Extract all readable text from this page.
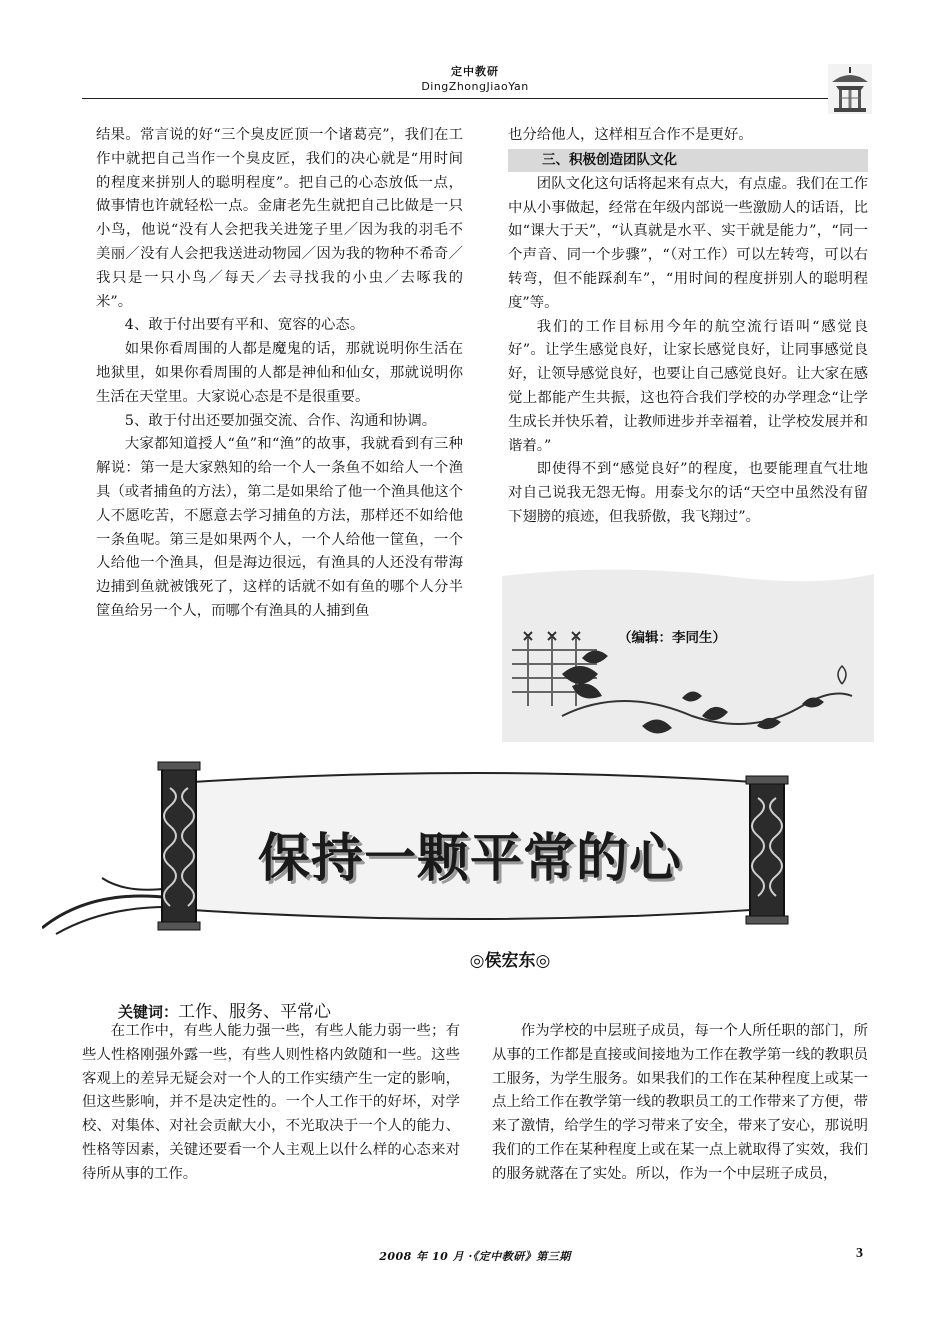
定中教研
DingZhongJiaoYan

结果。常言说的好“三个臭皮匠顶一个诸葛亮”，我们在工作中就把自己当作一个臭皮匠，我们的决心就是“用时间的程度来拼别人的聪明程度”。把自己的心态放低一点，做事情也许就轻松一点。金庸老先生就把自己比做是一只小鸟，他说“没有人会把我关进笼子里／因为我的羽毛不美丽／没有人会把我送进动物园／因为我的物种不希奇／我只是一只小鸟／每天／去寻找我的小虫／去啄我的米”。

4、敢于付出要有平和、宽容的心态。

如果你看周围的人都是魔鬼的话，那就说明你生活在地狱里，如果你看周围的人都是神仙和仙女，那就说明你生活在天堂里。大家说心态是不是很重要。

5、敢于付出还要加强交流、合作、沟通和协调。

大家都知道授人“鱼”和“渔”的故事，我就看到有三种解说：第一是大家熟知的给一个人一条鱼不如给人一个渔具（或者捕鱼的方法），第二是如果给了他一个渔具他这个人不愿吃苦，不愿意去学习捕鱼的方法，那样还不如给他一条鱼呢。第三是如果两个人，一个人给他一筐鱼，一个人给他一个渔具，但是海边很远，有渔具的人还没有带海边捕到鱼就被饿死了，这样的话就不如有鱼的哪个人分半筐鱼给另一个人，而哪个有渔具的人捕到鱼

也分给他人，这样相互合作不是更好。

三、积极创造团队文化

团队文化这句话将起来有点大，有点虚。我们在工作中从小事做起，经常在年级内部说一些激励人的话语，比如“课大于天”，“认真就是水平、实干就是能力”，“同一个声音、同一个步骤”，“（对工作）可以左转弯，可以右转弯，但不能踩刹车”，“用时间的程度拼别人的聪明程度”等。

我们的工作目标用今年的航空流行语叫“感觉良好”。让学生感觉良好，让家长感觉良好，让同事感觉良好，让领导感觉良好，也要让自己感觉良好。让大家在感觉上都能产生共振，这也符合我们学校的办学理念“让学生成长并快乐着，让教师进步并幸福着，让学校发展并和谐着。”

即使得不到“感觉良好”的程度，也要能理直气壮地对自己说我无怨无悔。用泰戈尔的话“天空中虽然没有留下翅膀的痕迹，但我骄傲，我飞翔过”。

（编辑：李同生）
保持一颗平常的心
◎侯宏东◎
关键词：工作、服务、平常心

在工作中，有些人能力强一些，有些人能力弱一些；有些人性格刚强外露一些，有些人则性格内敛随和一些。这些客观上的差异无疑会对一个人的工作实绩产生一定的影响，但这些影响，并不是决定性的。一个人工作干的好坏，对学校、对集体、对社会贡献大小，不光取决于一个人的能力、性格等因素，关键还要看一个人主观上以什么样的心态来对待所从事的工作。

作为学校的中层班子成员，每一个人所任职的部门，所从事的工作都是直接或间接地为工作在教学第一线的教职员工服务，为学生服务。如果我们的工作在某种程度上或某一点上给工作在教学第一线的教职员工的工作带来了方便，带来了激情，给学生的学习带来了安全，带来了安心，那说明我们的工作在某种程度上或在某一点上就取得了实效，我们的服务就落在了实处。所以，作为一个中层班子成员，

2008 年 10 月 ·《定中教研》第三期	3
